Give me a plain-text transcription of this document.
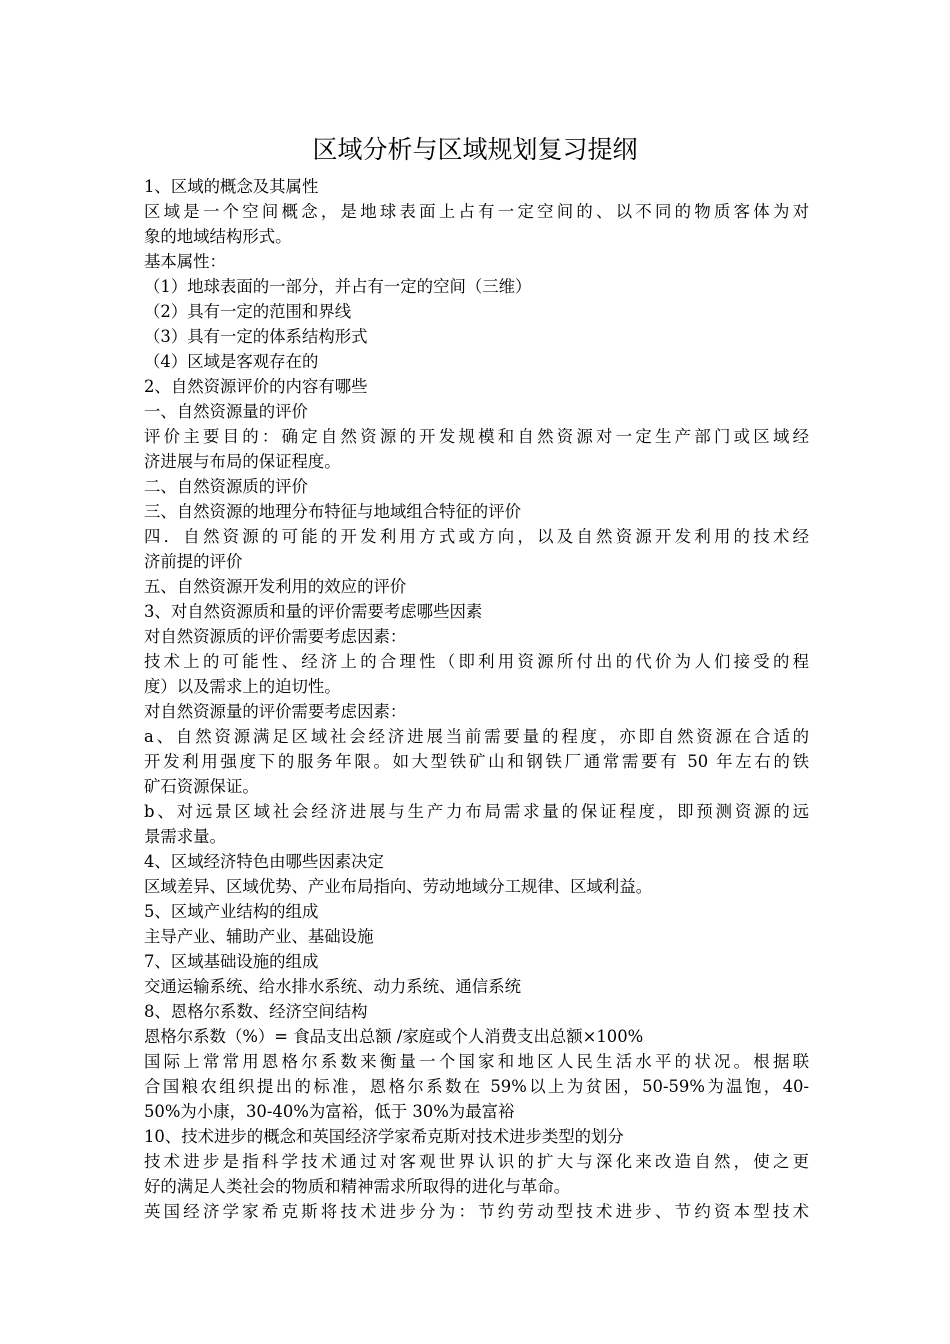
区域分析与区域规划复习提纲
1、区域的概念及其属性
区域是一个空间概念，是地球表面上占有一定空间的、以不同的物质客体为对
象的地域结构形式。
基本属性：
（1）地球表面的一部分，并占有一定的空间（三维）
（2）具有一定的范围和界线
（3）具有一定的体系结构形式
（4）区域是客观存在的
2、自然资源评价的内容有哪些
一、自然资源量的评价
评价主要目的：确定自然资源的开发规模和自然资源对一定生产部门或区域经
济进展与布局的保证程度。
二、自然资源质的评价
三、自然资源的地理分布特征与地域组合特征的评价
四．自然资源的可能的开发利用方式或方向，以及自然资源开发利用的技术经
济前提的评价
五、自然资源开发利用的效应的评价
3、对自然资源质和量的评价需要考虑哪些因素
对自然资源质的评价需要考虑因素：
技术上的可能性、经济上的合理性（即利用资源所付出的代价为人们接受的程
度）以及需求上的迫切性。
对自然资源量的评价需要考虑因素：
a、自然资源满足区域社会经济进展当前需要量的程度，亦即自然资源在合适的
开发利用强度下的服务年限。如大型铁矿山和钢铁厂通常需要有 50 年左右的铁
矿石资源保证。
b、对远景区域社会经济进展与生产力布局需求量的保证程度，即预测资源的远
景需求量。
4、区域经济特色由哪些因素决定
区域差异、区域优势、产业布局指向、劳动地域分工规律、区域利益。
5、区域产业结构的组成
主导产业、辅助产业、基础设施
7、区域基础设施的组成
交通运输系统、给水排水系统、动力系统、通信系统
8、恩格尔系数、经济空间结构
恩格尔系数（%）= 食品支出总额 /家庭或个人消费支出总额×100%
国际上常常用恩格尔系数来衡量一个国家和地区人民生活水平的状况。根据联
合国粮农组织提出的标准，恩格尔系数在 59%以上为贫困，50-59%为温饱，40-
50%为小康，30-40%为富裕，低于 30%为最富裕
10、技术进步的概念和英国经济学家希克斯对技术进步类型的划分
技术进步是指科学技术通过对客观世界认识的扩大与深化来改造自然，使之更
好的满足人类社会的物质和精神需求所取得的进化与革命。
英国经济学家希克斯将技术进步分为：节约劳动型技术进步、节约资本型技术
